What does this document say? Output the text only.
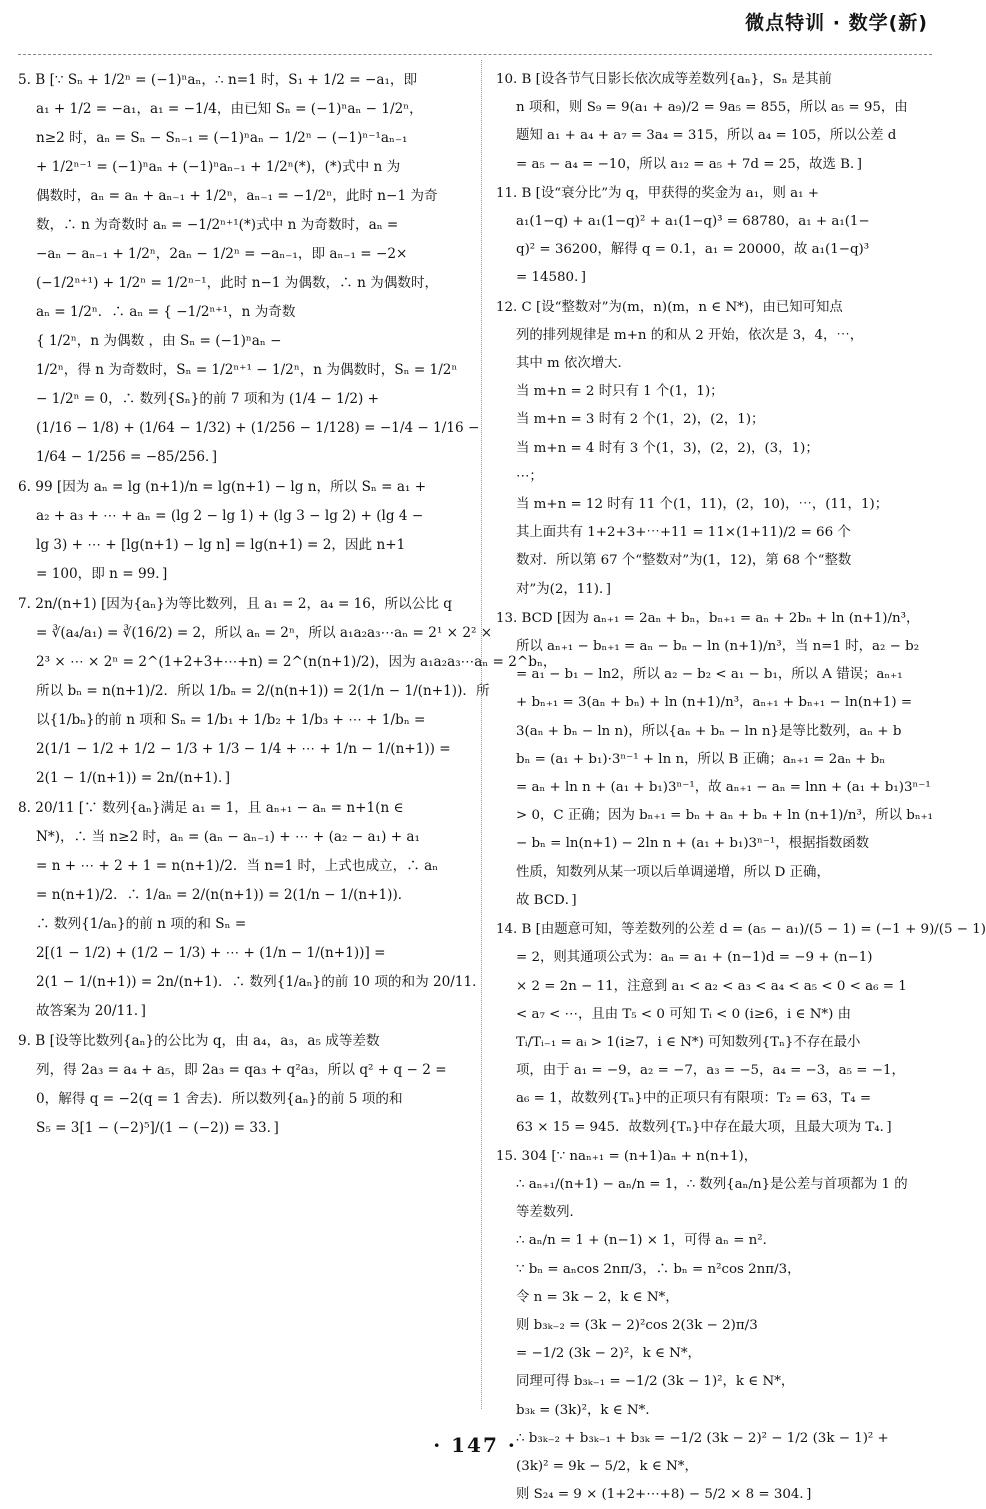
微点特训 · 数学(新)
5. B [∵ Sₙ + 1/2ⁿ = (−1)ⁿaₙ，∴ n=1 时，S₁ + 1/2 = −a₁，即
a₁ + 1/2 = −a₁，a₁ = −1/4，由已知 Sₙ = (−1)ⁿaₙ − 1/2ⁿ，
n≥2 时，aₙ = Sₙ − Sₙ₋₁ = (−1)ⁿaₙ − 1/2ⁿ − (−1)ⁿ⁻¹aₙ₋₁
+ 1/2ⁿ⁻¹ = (−1)ⁿaₙ + (−1)ⁿaₙ₋₁ + 1/2ⁿ(*)，(*)式中 n 为
偶数时，aₙ = aₙ + aₙ₋₁ + 1/2ⁿ，aₙ₋₁ = −1/2ⁿ，此时 n−1 为奇
数，∴ n 为奇数时 aₙ = −1/2ⁿ⁺¹(*)式中 n 为奇数时，aₙ =
−aₙ − aₙ₋₁ + 1/2ⁿ，2aₙ − 1/2ⁿ = −aₙ₋₁，即 aₙ₋₁ = −2×
(−1/2ⁿ⁺¹) + 1/2ⁿ = 1/2ⁿ⁻¹，此时 n−1 为偶数，∴ n 为偶数时，
aₙ = 1/2ⁿ．∴ aₙ = { −1/2ⁿ⁺¹，n 为奇数
{ 1/2ⁿ，n 为偶数 ，由 Sₙ = (−1)ⁿaₙ −
1/2ⁿ，得 n 为奇数时，Sₙ = 1/2ⁿ⁺¹ − 1/2ⁿ，n 为偶数时，Sₙ = 1/2ⁿ
− 1/2ⁿ = 0，∴ 数列{Sₙ}的前 7 项和为 (1/4 − 1/2) +
(1/16 − 1/8) + (1/64 − 1/32) + (1/256 − 1/128) = −1/4 − 1/16 −
1/64 − 1/256 = −85/256．]
6. 99 [因为 aₙ = lg (n+1)/n = lg(n+1) − lg n，所以 Sₙ = a₁ +
a₂ + a₃ + ⋯ + aₙ = (lg 2 − lg 1) + (lg 3 − lg 2) + (lg 4 −
lg 3) + ⋯ + [lg(n+1) − lg n] = lg(n+1) = 2，因此 n+1
= 100，即 n = 99．]
7. 2n/(n+1) [因为{aₙ}为等比数列，且 a₁ = 2，a₄ = 16，所以公比 q
= ∛(a₄/a₁) = ∛(16/2) = 2，所以 aₙ = 2ⁿ，所以 a₁a₂a₃⋯aₙ = 2¹ × 2² ×
2³ × ⋯ × 2ⁿ = 2^(1+2+3+⋯+n) = 2^(n(n+1)/2)，因为 a₁a₂a₃⋯aₙ = 2^bₙ，
所以 bₙ = n(n+1)/2．所以 1/bₙ = 2/(n(n+1)) = 2(1/n − 1/(n+1))．所
以{1/bₙ}的前 n 项和 Sₙ = 1/b₁ + 1/b₂ + 1/b₃ + ⋯ + 1/bₙ =
2(1/1 − 1/2 + 1/2 − 1/3 + 1/3 − 1/4 + ⋯ + 1/n − 1/(n+1)) =
2(1 − 1/(n+1)) = 2n/(n+1)．]
8. 20/11 [∵ 数列{aₙ}满足 a₁ = 1，且 aₙ₊₁ − aₙ = n+1(n ∈
N*)，∴ 当 n≥2 时，aₙ = (aₙ − aₙ₋₁) + ⋯ + (a₂ − a₁) + a₁
= n + ⋯ + 2 + 1 = n(n+1)/2．当 n=1 时，上式也成立，∴ aₙ
= n(n+1)/2．∴ 1/aₙ = 2/(n(n+1)) = 2(1/n − 1/(n+1))．
∴ 数列{1/aₙ}的前 n 项的和 Sₙ =
2[(1 − 1/2) + (1/2 − 1/3) + ⋯ + (1/n − 1/(n+1))] =
2(1 − 1/(n+1)) = 2n/(n+1)．∴ 数列{1/aₙ}的前 10 项的和为 20/11．
故答案为 20/11．]
9. B [设等比数列{aₙ}的公比为 q，由 a₄，a₃，a₅ 成等差数
列，得 2a₃ = a₄ + a₅，即 2a₃ = qa₃ + q²a₃，所以 q² + q − 2 =
0，解得 q = −2(q = 1 舍去)．所以数列{aₙ}的前 5 项的和
S₅ = 3[1 − (−2)⁵]/(1 − (−2)) = 33．]
10. B [设各节气日影长依次成等差数列{aₙ}，Sₙ 是其前
n 项和，则 S₉ = 9(a₁ + a₉)/2 = 9a₅ = 855，所以 a₅ = 95，由
题知 a₁ + a₄ + a₇ = 3a₄ = 315，所以 a₄ = 105，所以公差 d
= a₅ − a₄ = −10，所以 a₁₂ = a₅ + 7d = 25，故选 B．]
11. B [设“衰分比”为 q，甲获得的奖金为 a₁，则 a₁ +
a₁(1−q) + a₁(1−q)² + a₁(1−q)³ = 68780，a₁ + a₁(1−
q)² = 36200，解得 q = 0.1，a₁ = 20000，故 a₁(1−q)³
= 14580．]
12. C [设“整数对”为(m，n)(m，n ∈ N*)，由已知可知点
列的排列规律是 m+n 的和从 2 开始，依次是 3，4，⋯，
其中 m 依次增大．
当 m+n = 2 时只有 1 个(1，1)；
当 m+n = 3 时有 2 个(1，2)，(2，1)；
当 m+n = 4 时有 3 个(1，3)，(2，2)，(3，1)；
⋯；
当 m+n = 12 时有 11 个(1，11)，(2，10)，⋯，(11，1)；
其上面共有 1+2+3+⋯+11 = 11×(1+11)/2 = 66 个
数对．所以第 67 个“整数对”为(1，12)，第 68 个“整数
对”为(2，11)．]
13. BCD [因为 aₙ₊₁ = 2aₙ + bₙ，bₙ₊₁ = aₙ + 2bₙ + ln (n+1)/n³，
所以 aₙ₊₁ − bₙ₊₁ = aₙ − bₙ − ln (n+1)/n³，当 n=1 时，a₂ − b₂
= a₁ − b₁ − ln2，所以 a₂ − b₂ < a₁ − b₁，所以 A 错误；aₙ₊₁
+ bₙ₊₁ = 3(aₙ + bₙ) + ln (n+1)/n³，aₙ₊₁ + bₙ₊₁ − ln(n+1) =
3(aₙ + bₙ − ln n)，所以{aₙ + bₙ − ln n}是等比数列，aₙ + b
bₙ = (a₁ + b₁)·3ⁿ⁻¹ + ln n，所以 B 正确；aₙ₊₁ = 2aₙ + bₙ
= aₙ + ln n + (a₁ + b₁)3ⁿ⁻¹，故 aₙ₊₁ − aₙ = lnn + (a₁ + b₁)3ⁿ⁻¹
> 0，C 正确；因为 bₙ₊₁ = bₙ + aₙ + bₙ + ln (n+1)/n³，所以 bₙ₊₁
− bₙ = ln(n+1) − 2ln n + (a₁ + b₁)3ⁿ⁻¹，根据指数函数
性质，知数列从某一项以后单调递增，所以 D 正确，
故 BCD．]
14. B [由题意可知，等差数列的公差 d = (a₅ − a₁)/(5 − 1) = (−1 + 9)/(5 − 1)
= 2，则其通项公式为：aₙ = a₁ + (n−1)d = −9 + (n−1)
× 2 = 2n − 11，注意到 a₁ < a₂ < a₃ < a₄ < a₅ < 0 < a₆ = 1
< a₇ < ⋯，且由 T₅ < 0 可知 Tᵢ < 0 (i≥6，i ∈ N*) 由
Tᵢ/Tᵢ₋₁ = aᵢ > 1(i≥7，i ∈ N*) 可知数列{Tₙ}不存在最小
项，由于 a₁ = −9，a₂ = −7，a₃ = −5，a₄ = −3，a₅ = −1，
a₆ = 1，故数列{Tₙ}中的正项只有有限项：T₂ = 63，T₄ =
63 × 15 = 945．故数列{Tₙ}中存在最大项，且最大项为 T₄．]
15. 304 [∵ naₙ₊₁ = (n+1)aₙ + n(n+1)，
∴ aₙ₊₁/(n+1) − aₙ/n = 1，∴ 数列{aₙ/n}是公差与首项都为 1 的
等差数列．
∴ aₙ/n = 1 + (n−1) × 1，可得 aₙ = n²．
∵ bₙ = aₙcos 2nπ/3，∴ bₙ = n²cos 2nπ/3，
令 n = 3k − 2，k ∈ N*，
则 b₃ₖ₋₂ = (3k − 2)²cos 2(3k − 2)π/3
= −1/2 (3k − 2)²，k ∈ N*，
同理可得 b₃ₖ₋₁ = −1/2 (3k − 1)²，k ∈ N*，
b₃ₖ = (3k)²，k ∈ N*．
∴ b₃ₖ₋₂ + b₃ₖ₋₁ + b₃ₖ = −1/2 (3k − 2)² − 1/2 (3k − 1)² +
(3k)² = 9k − 5/2，k ∈ N*，
则 S₂₄ = 9 × (1+2+⋯+8) − 5/2 × 8 = 304．]
· 147 ·
